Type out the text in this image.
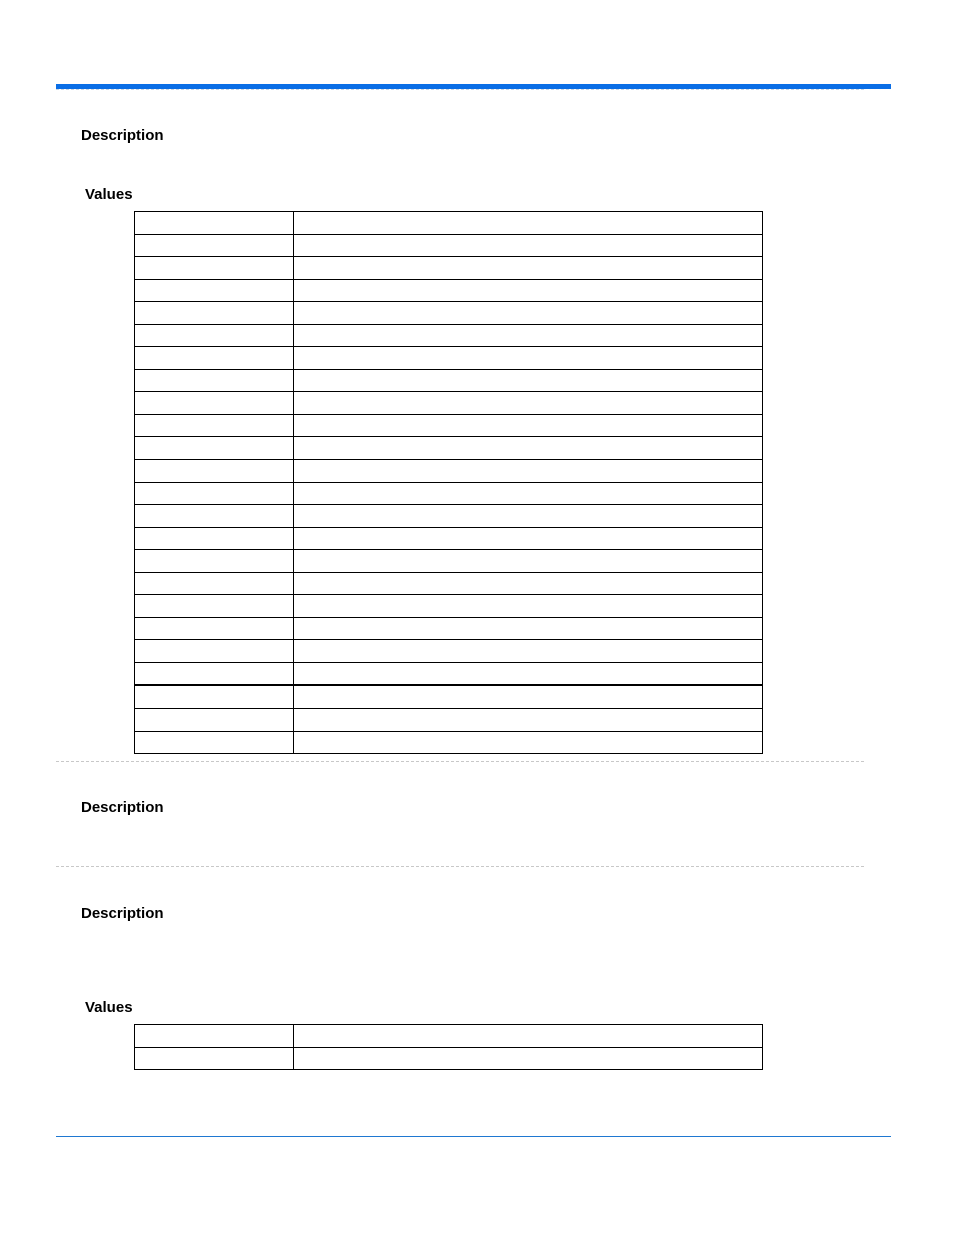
Description
Values

Description
Description
Values
